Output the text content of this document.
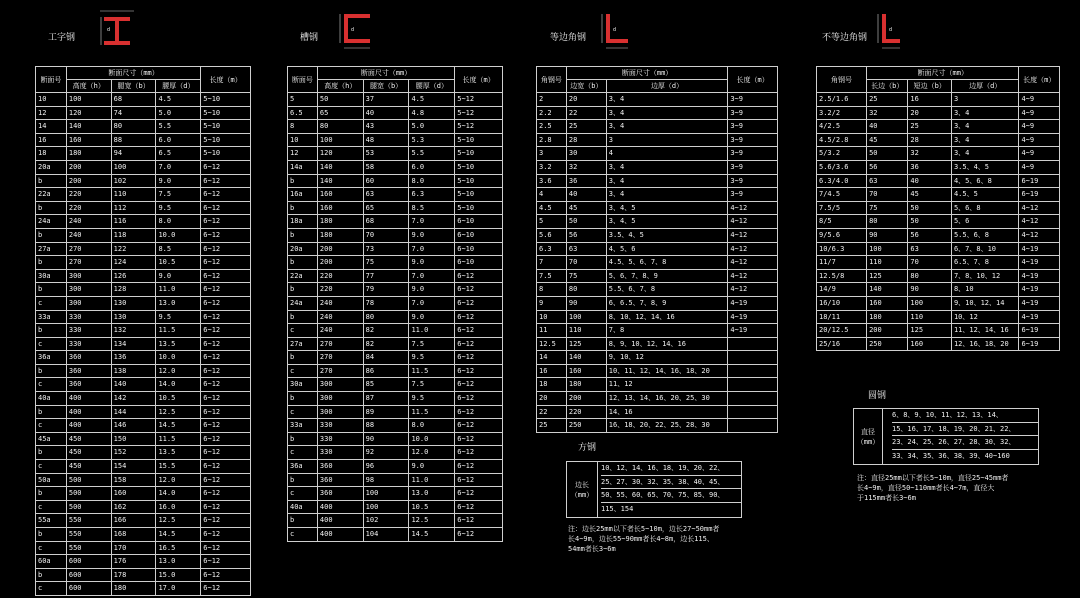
工字钢	槽钢	等边角钢	不等边角钢
d	d	d	d
断面号	断面尺寸（mm）			长度（m）
	高度（h）	腿宽（b）	腰厚（d）	
10	100	68	4.5	5~10
12	120	74	5.0	5~10
14	140	80	5.5	5~10
16	160	88	6.0	5~10
18	180	94	6.5	5~10
20a	200	100	7.0	6~12
b	200	102	9.0	6~12
22a	220	110	7.5	6~12
b	220	112	9.5	6~12
24a	240	116	8.0	6~12
b	240	118	10.0	6~12
27a	270	122	8.5	6~12
b	270	124	10.5	6~12
30a	300	126	9.0	6~12
b	300	128	11.0	6~12
c	300	130	13.0	6~12
33a	330	130	9.5	6~12
b	330	132	11.5	6~12
c	330	134	13.5	6~12
36a	360	136	10.0	6~12
b	360	138	12.0	6~12
c	360	140	14.0	6~12
40a	400	142	10.5	6~12
b	400	144	12.5	6~12
c	400	146	14.5	6~12
45a	450	150	11.5	6~12
b	450	152	13.5	6~12
c	450	154	15.5	6~12
50a	500	158	12.0	6~12
b	500	160	14.0	6~12
c	500	162	16.0	6~12
55a	550	166	12.5	6~12
b	550	168	14.5	6~12
c	550	170	16.5	6~12
60a	600	176	13.0	6~12
b	600	178	15.0	6~12
c	600	180	17.0	6~12
断面号	断面尺寸（mm）			长度（m）
	高度（h）	腿宽（b）	腰厚（d）	
5	50	37	4.5	5~12
6.5	65	40	4.8	5~12
8	80	43	5.0	5~12
10	100	48	5.3	5~10
12	120	53	5.5	5~10
14a	140	58	6.0	5~10
b	140	60	8.0	5~10
16a	160	63	6.3	5~10
b	160	65	8.5	5~10
18a	180	68	7.0	6~10
b	180	70	9.0	6~10
20a	200	73	7.0	6~10
b	200	75	9.0	6~10
22a	220	77	7.0	6~12
b	220	79	9.0	6~12
24a	240	78	7.0	6~12
b	240	80	9.0	6~12
c	240	82	11.0	6~12
27a	270	82	7.5	6~12
b	270	84	9.5	6~12
c	270	86	11.5	6~12
30a	300	85	7.5	6~12
b	300	87	9.5	6~12
c	300	89	11.5	6~12
33a	330	88	8.0	6~12
b	330	90	10.0	6~12
c	330	92	12.0	6~12
36a	360	96	9.0	6~12
b	360	98	11.0	6~12
c	360	100	13.0	6~12
40a	400	100	10.5	6~12
b	400	102	12.5	6~12
c	400	104	14.5	6~12
角钢号	断面尺寸（mm）		长度（m）
	边宽（b）	边厚（d）	
2	20	3、4	3~9
2.2	22	3、4	3~9
2.5	25	3、4	3~9
2.8	28	3	3~9
3	30	4	3~9
3.2	32	3、4	3~9
3.6	36	3、4	3~9
4	40	3、4	3~9
4.5	45	3、4、5	4~12
5	50	3、4、5	4~12
5.6	56	3.5、4、5	4~12
6.3	63	4、5、6	4~12
7	70	4.5、5、6、7、8	4~12
7.5	75	5、6、7、8、9	4~12
8	80	5.5、6、7、8	4~12
9	90	6、6.5、7、8、9	4~19
10	100	8、10、12、14、16	4~19
11	110	7、8	4~19
12.5	125	8、9、10、12、14、16	
14	140	9、10、12	
16	160	10、11、12、14、16、18、20	
18	180	11、12	
20	200	12、13、14、16、20、25、30	
22	220	14、16	
25	250	16、18、20、22、25、28、30	
角钢号	断面尺寸（mm）			长度（m）
	长边（b）	短边（b）	边厚（d）	
2.5/1.6	25	16	3	4~9
3.2/2	32	20	3、4	4~9
4/2.5	40	25	3、4	4~9
4.5/2.8	45	28	3、4	4~9
5/3.2	50	32	3、4	4~9
5.6/3.6	56	36	3.5、4、5	4~9
6.3/4.0	63	40	4、5、6、8	6~19
7/4.5	70	45	4.5、5	6~19
7.5/5	75	50	5、6、8	4~12
8/5	80	50	5、6	4~12
9/5.6	90	56	5.5、6、8	4~12
10/6.3	100	63	6、7、8、10	4~19
11/7	110	70	6.5、7、8	4~19
12.5/8	125	80	7、8、10、12	4~19
14/9	140	90	8、10	4~19
16/10	160	100	9、10、12、14	4~19
18/11	180	110	10、12	4~19
20/12.5	200	125	11、12、14、16	6~19
25/16	250	160	12、16、18、20	6~19
方钢
边长（mm）
10、12、14、16、18、19、20、22、
25、27、30、32、35、38、40、45、
50、55、60、65、70、75、85、90、
115、154
注：边长25mm以下者长5~10m，边长27~50mm者
长4~9m，边长55~90mm者长4~8m，边长115、
54mm者长3~6m
圆钢
直径（mm）
6、8、9、10、11、12、13、14、
15、16、17、18、19、20、21、22、
23、24、25、26、27、28、30、32、
33、34、35、36、38、39、40~160
注：直径25mm以下者长5~10m，直径25~45mm者
长4~9m，直径50~110mm者长4~7m，直径大
于115mm者长3~6m
